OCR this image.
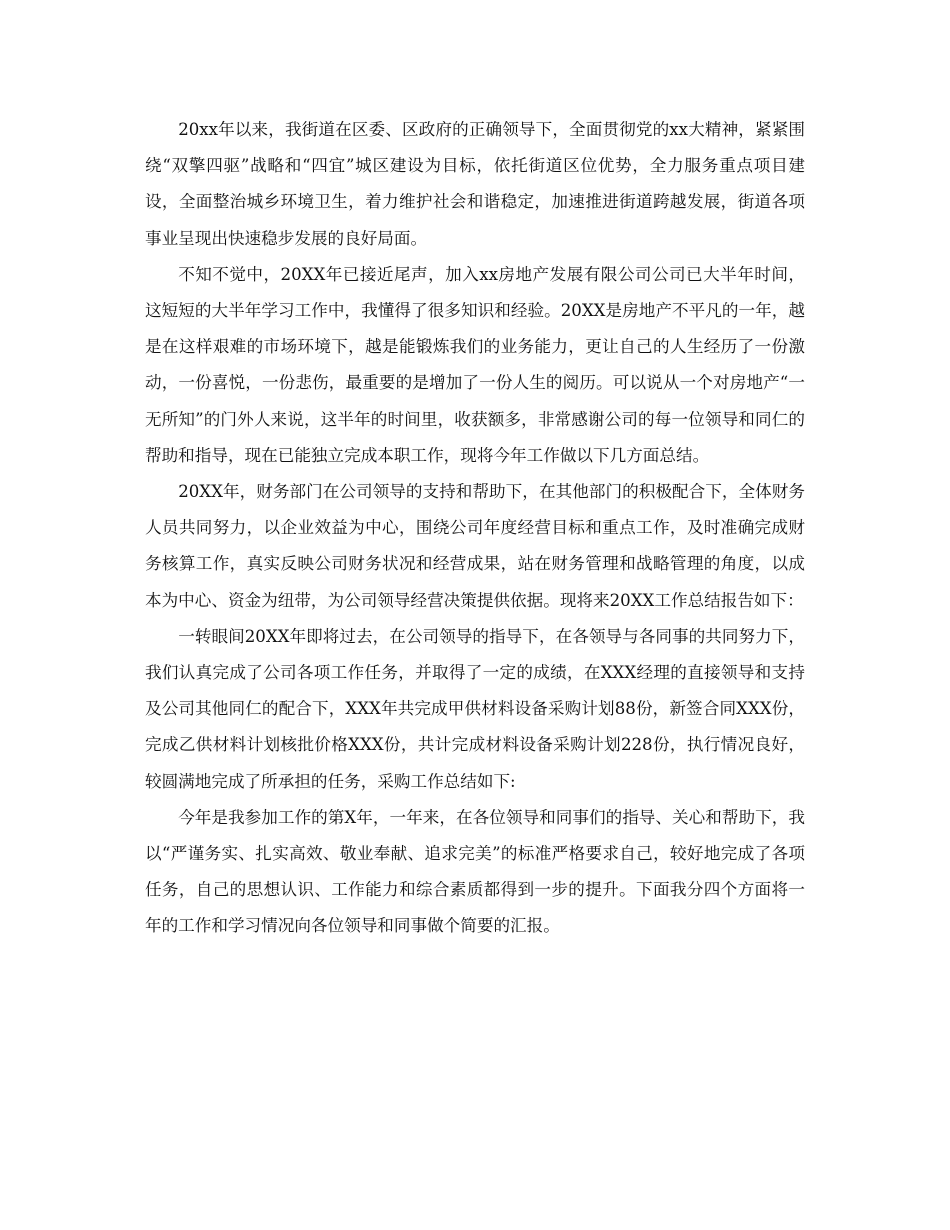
20xx年以来，我街道在区委、区政府的正确领导下，全面贯彻党的xx大精神，紧紧围绕“双擎四驱”战略和“四宜”城区建设为目标，依托街道区位优势，全力服务重点项目建设，全面整治城乡环境卫生，着力维护社会和谐稳定，加速推进街道跨越发展，街道各项事业呈现出快速稳步发展的良好局面。

不知不觉中，20XX年已接近尾声，加入xx房地产发展有限公司公司已大半年时间，这短短的大半年学习工作中，我懂得了很多知识和经验。20XX是房地产不平凡的一年，越是在这样艰难的市场环境下，越是能锻炼我们的业务能力，更让自己的人生经历了一份激动，一份喜悦，一份悲伤，最重要的是增加了一份人生的阅历。可以说从一个对房地产“一无所知”的门外人来说，这半年的时间里，收获额多，非常感谢公司的每一位领导和同仁的帮助和指导，现在已能独立完成本职工作，现将今年工作做以下几方面总结。

20XX年，财务部门在公司领导的支持和帮助下，在其他部门的积极配合下，全体财务人员共同努力，以企业效益为中心，围绕公司年度经营目标和重点工作，及时准确完成财务核算工作，真实反映公司财务状况和经营成果，站在财务管理和战略管理的角度，以成本为中心、资金为纽带，为公司领导经营决策提供依据。现将来20XX工作总结报告如下：

一转眼间20XX年即将过去，在公司领导的指导下，在各领导与各同事的共同努力下，我们认真完成了公司各项工作任务，并取得了一定的成绩，在XXX经理的直接领导和支持及公司其他同仁的配合下，XXX年共完成甲供材料设备采购计划88份，新签合同XXX份，完成乙供材料计划核批价格XXX份，共计完成材料设备采购计划228份，执行情况良好，较圆满地完成了所承担的任务，采购工作总结如下:

今年是我参加工作的第X年，一年来，在各位领导和同事们的指导、关心和帮助下，我以“严谨务实、扎实高效、敬业奉献、追求完美”的标准严格要求自己，较好地完成了各项任务，自己的思想认识、工作能力和综合素质都得到一步的提升。下面我分四个方面将一年的工作和学习情况向各位领导和同事做个简要的汇报。
